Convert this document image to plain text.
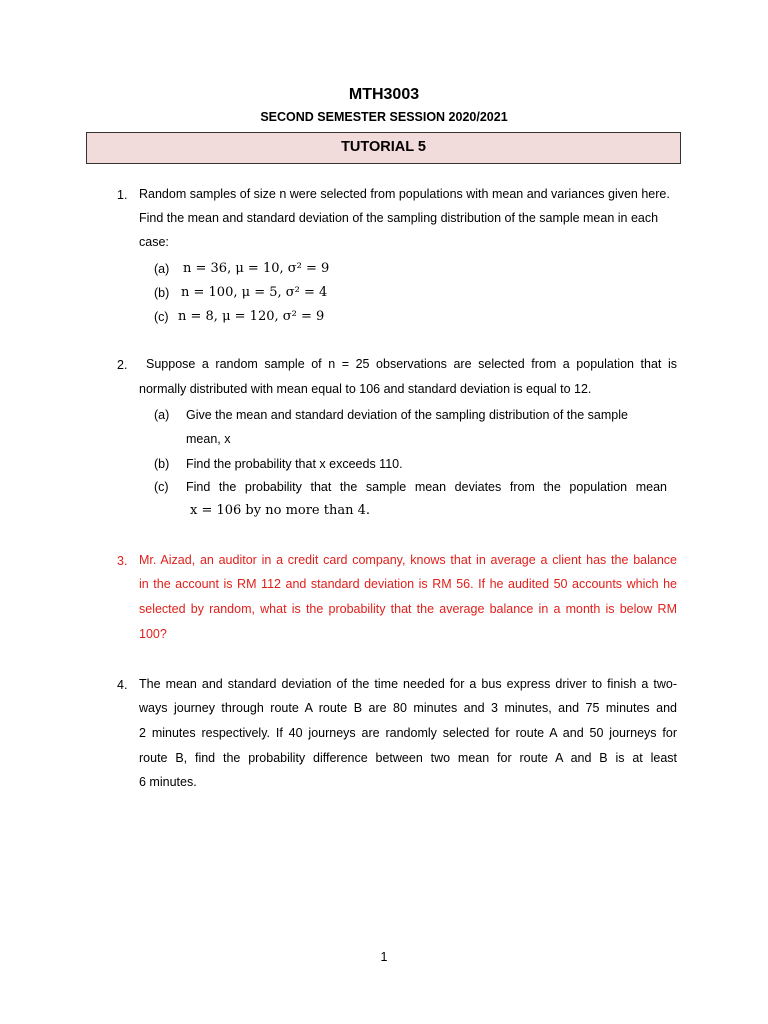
MTH3003
SECOND SEMESTER SESSION 2020/2021
TUTORIAL 5
1. Random samples of size n were selected from populations with mean and variances given here.
Find the mean and standard deviation of the sampling distribution of the sample mean in each
case:
(a) n = 36, μ = 10, σ² = 9
(b) n = 100, μ = 5, σ² = 4
(c) n = 8, μ = 120, σ² = 9
2. Suppose a random sample of n = 25 observations are selected from a population that is
normally distributed with mean equal to 106 and standard deviation is equal to 12.
(a) Give the mean and standard deviation of the sampling distribution of the sample
mean, x
(b) Find the probability that x exceeds 110.
(c) Find the probability that the sample mean deviates from the population mean
x = 106 by no more than 4.
3. Mr. Aizad, an auditor in a credit card company, knows that in average a client has the balance
in the account is RM 112 and standard deviation is RM 56. If he audited 50 accounts which he
selected by random, what is the probability that the average balance in a month is below RM
100?
4. The mean and standard deviation of the time needed for a bus express driver to finish a two-
ways journey through route A route B are 80 minutes and 3 minutes, and 75 minutes and
2 minutes respectively. If 40 journeys are randomly selected for route A and 50 journeys for
route B, find the probability difference between two mean for route A and B is at least
6 minutes.
1
